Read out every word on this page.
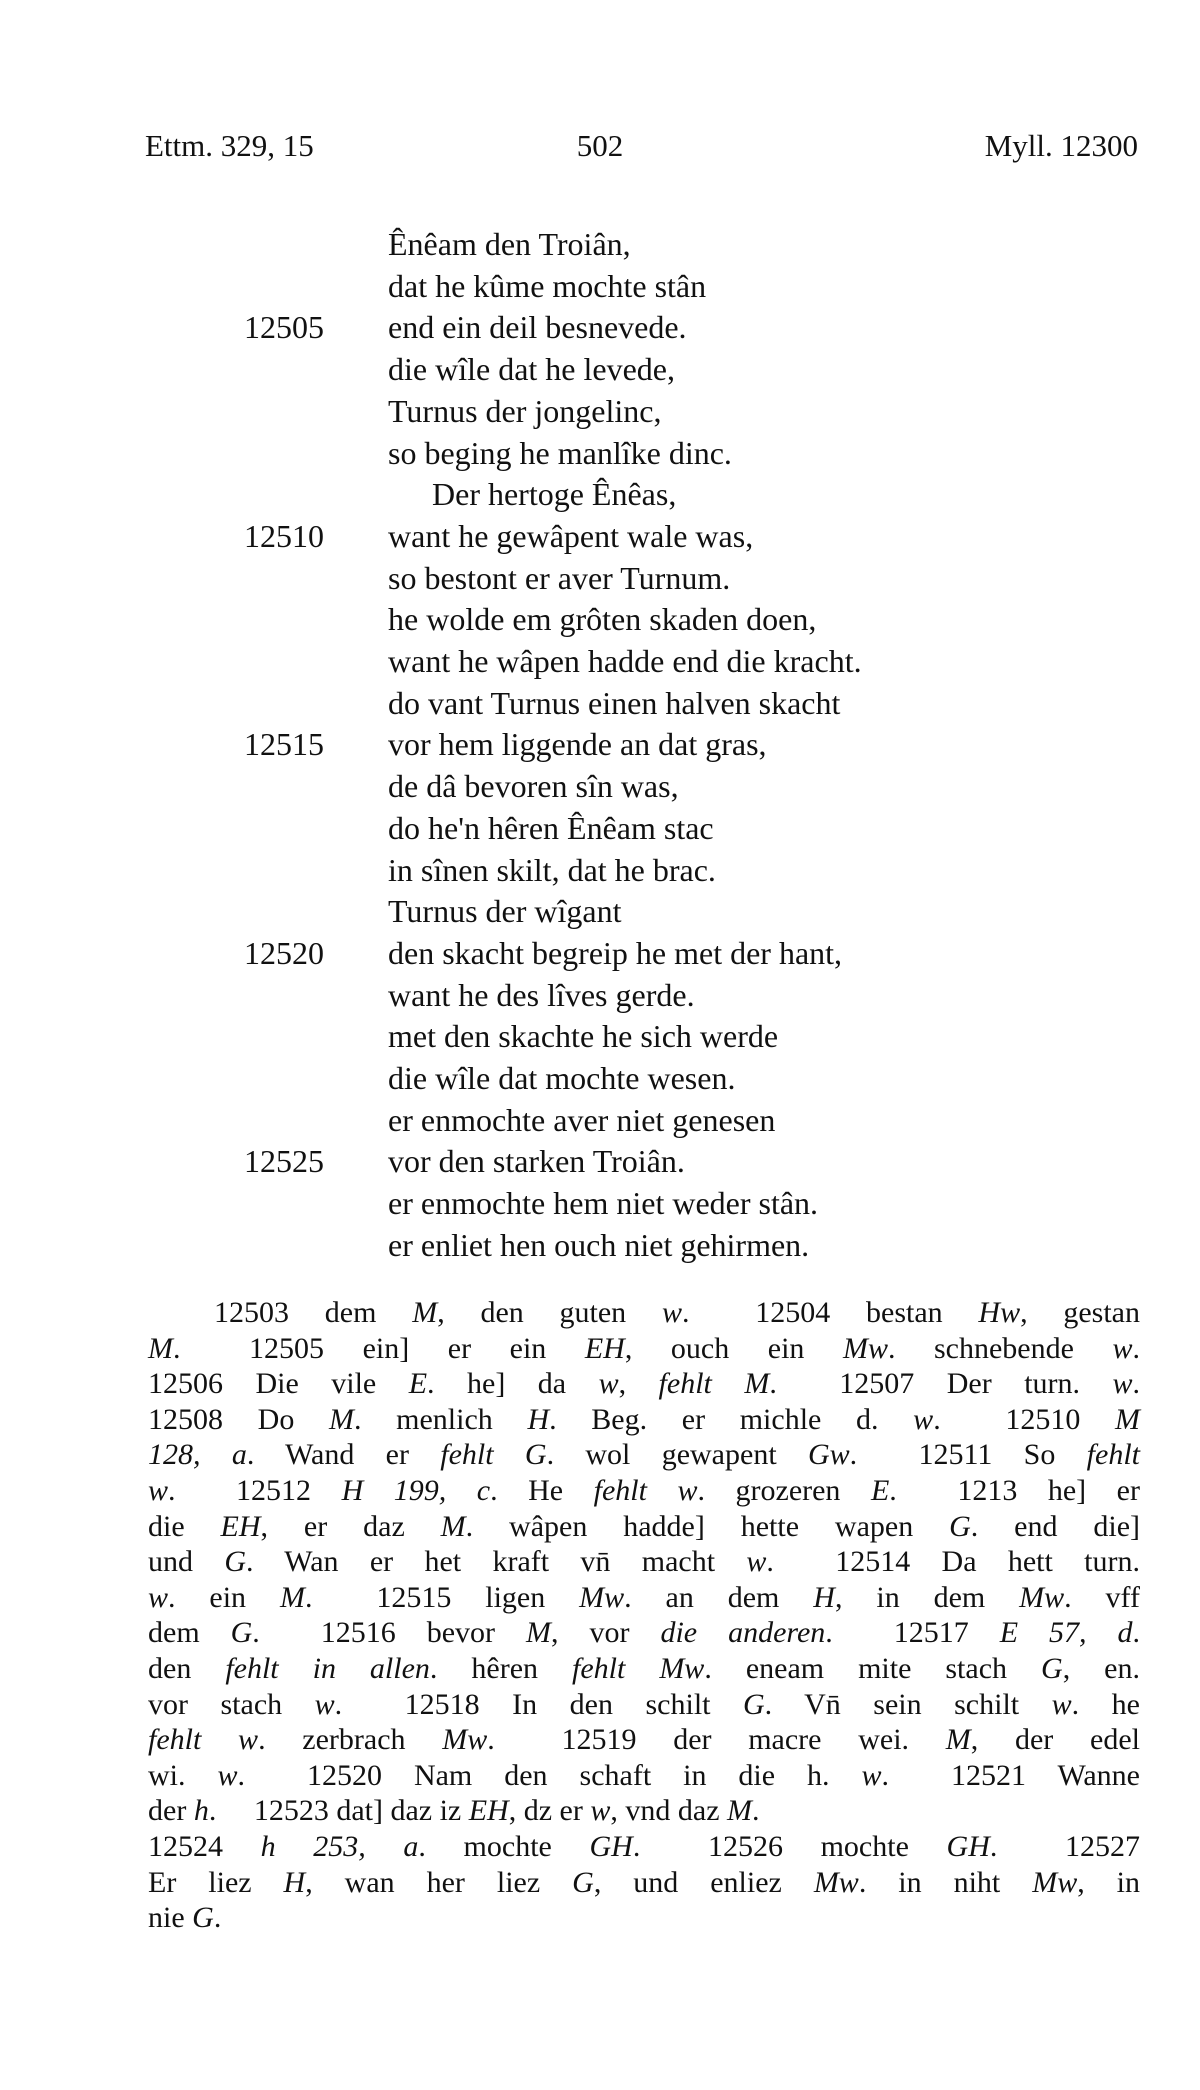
Ettm. 329, 15	502	Myll. 12300
Ênêam den Troiân,
dat he kûme mochte stân
12505 end ein deil besnevede.
die wîle dat he levede,
Turnus der jongelinc,
so beging he manlîke dinc.
Der hertoge Ênêas,
12510 want he gewâpent wale was,
so bestont er aver Turnum.
he wolde em grôten skaden doen,
want he wâpen hadde end die kracht.
do vant Turnus einen halven skacht
12515 vor hem liggende an dat gras,
de dâ bevoren sîn was,
do he'n hêren Ênêam stac
in sînen skilt, dat he brac.
Turnus der wîgant
12520 den skacht begreip he met der hant,
want he des lîves gerde.
met den skachte he sich werde
die wîle dat mochte wesen.
er enmochte aver niet genesen
12525 vor den starken Troiân.
er enmochte hem niet weder stân.
er enliet hen ouch niet gehirmen.
12503 dem M, den guten w.  12504 bestan Hw, gestan
M.  12505 ein] er ein EH, ouch ein Mw. schnebende w.
12506 Die vile E. he] da w, fehlt M.  12507 Der turn. w.
12508 Do M. menlich H. Beg. er michle d. w.  12510 M
128, a. Wand er fehlt G. wol gewapent Gw.  12511 So fehlt
w.  12512 H 199, c. He fehlt w. grozeren E.  1213 he] er
die EH, er daz M. wâpen hadde] hette wapen G. end die]
und G. Wan er het kraft vn̄ macht w.  12514 Da hett turn.
w. ein M.  12515 ligen Mw. an dem H, in dem Mw. vff
dem G.  12516 bevor M, vor die anderen.  12517 E 57, d.
den fehlt in allen. hêren fehlt Mw. eneam mite stach G, en.
vor stach w.  12518 In den schilt G. Vn̄ sein schilt w. he
fehlt w. zerbrach Mw.  12519 der macre wei. M, der edel
wi. w.  12520 Nam den schaft in die h. w.  12521 Wanne
der h.  12523 dat] daz iz EH, dz er w, vnd daz M.
12524 h 253, a. mochte GH.  12526 mochte GH.  12527
Er liez H, wan her liez G, und enliez Mw. in niht Mw, in
nie G.
